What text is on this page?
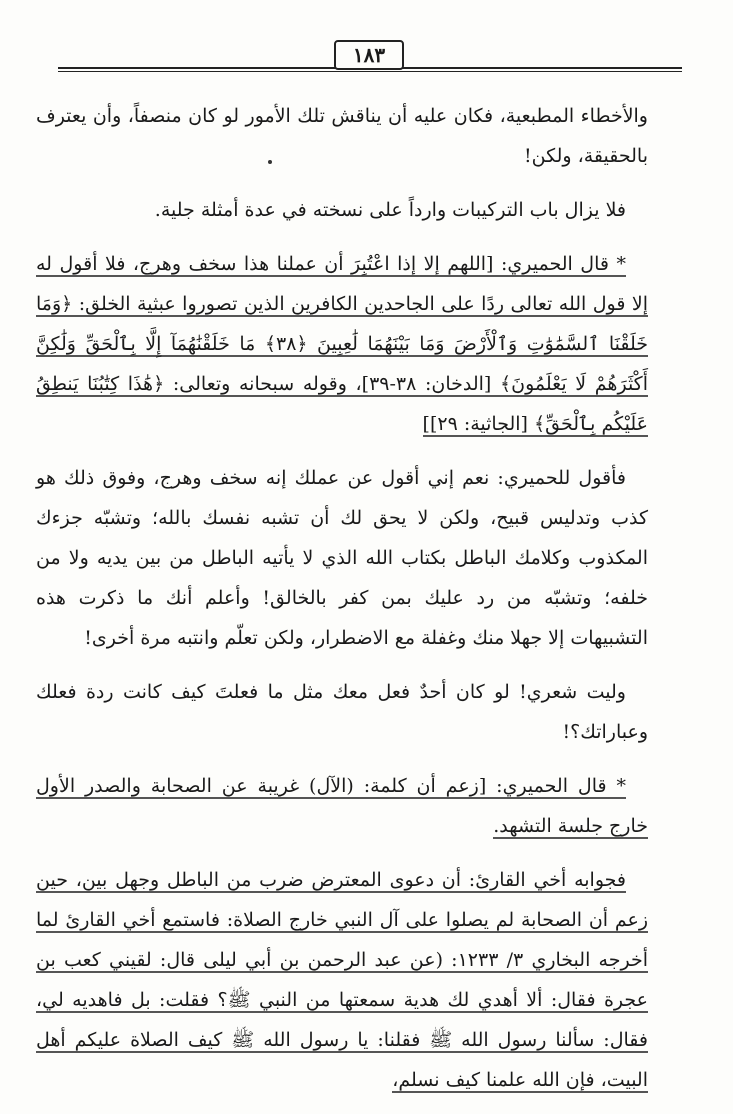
١٨٣

والأخطاء المطبعية، فكان عليه أن يناقش تلك الأمور لو كان منصفاً، وأن يعترف بالحقيقة، ولكن!

فلا يزال باب التركيبات وارداً على نسخته في عدة أمثلة جلية.

* قال الحميري: [اللهم إلا إذا اعْتُبِرَ أن عملنا هذا سخف وهرج، فلا أقول له إلا قول الله تعالى ردًا على الجاحدين الكافرين الذين تصوروا عبثية الخلق: ﴿وَمَا خَلَقْنَا ٱلسَّمَٰوَٰتِ وَٱلْأَرْضَ وَمَا بَيْنَهُمَا لَٰعِبِينَ ﴿٣٨﴾ مَا خَلَقْنَٰهُمَآ إِلَّا بِٱلْحَقِّ وَلَٰكِنَّ أَكْثَرَهُمْ لَا يَعْلَمُونَ﴾ [الدخان: ٣٨-٣٩]، وقوله سبحانه وتعالى: ﴿هَٰذَا كِتَٰبُنَا يَنطِقُ عَلَيْكُم بِٱلْحَقِّ﴾ [الجاثية: ٢٩]]

فأقول للحميري: نعم إني أقول عن عملك إنه سخف وهرج، وفوق ذلك هو كذب وتدليس قبيح، ولكن لا يحق لك أن تشبه نفسك بالله؛ وتشبّه جزءك المكذوب وكلامك الباطل بكتاب الله الذي لا يأتيه الباطل من بين يديه ولا من خلفه؛ وتشبّه من رد عليك بمن كفر بالخالق! وأعلم أنك ما ذكرت هذه التشبيهات إلا جهلا منك وغفلة مع الاضطرار، ولكن تعلّم وانتبه مرة أخرى!

وليت شعري! لو كان أحدٌ فعل معك مثل ما فعلتَ كيف كانت ردة فعلك وعباراتك؟!

* قال الحميري: [زعم أن كلمة: (الآل) غريبة عن الصحابة والصدر الأول خارج جلسة التشهد.

فجوابه أخي القارئ: أن دعوى المعترض ضرب من الباطل وجهل بين، حين زعم أن الصحابة لم يصلوا على آل النبي خارج الصلاة: فاستمع أخي القارئ لما أخرجه البخاري ٣/ ١٢٣٣: (عن عبد الرحمن بن أبي ليلى قال: لقيني كعب بن عجرة فقال: ألا أهدي لك هدية سمعتها من النبي ﷺ؟ فقلت: بل فاهديه لي، فقال: سألنا رسول الله ﷺ فقلنا: يا رسول الله ﷺ كيف الصلاة عليكم أهل البيت، فإن الله علمنا كيف نسلم،
